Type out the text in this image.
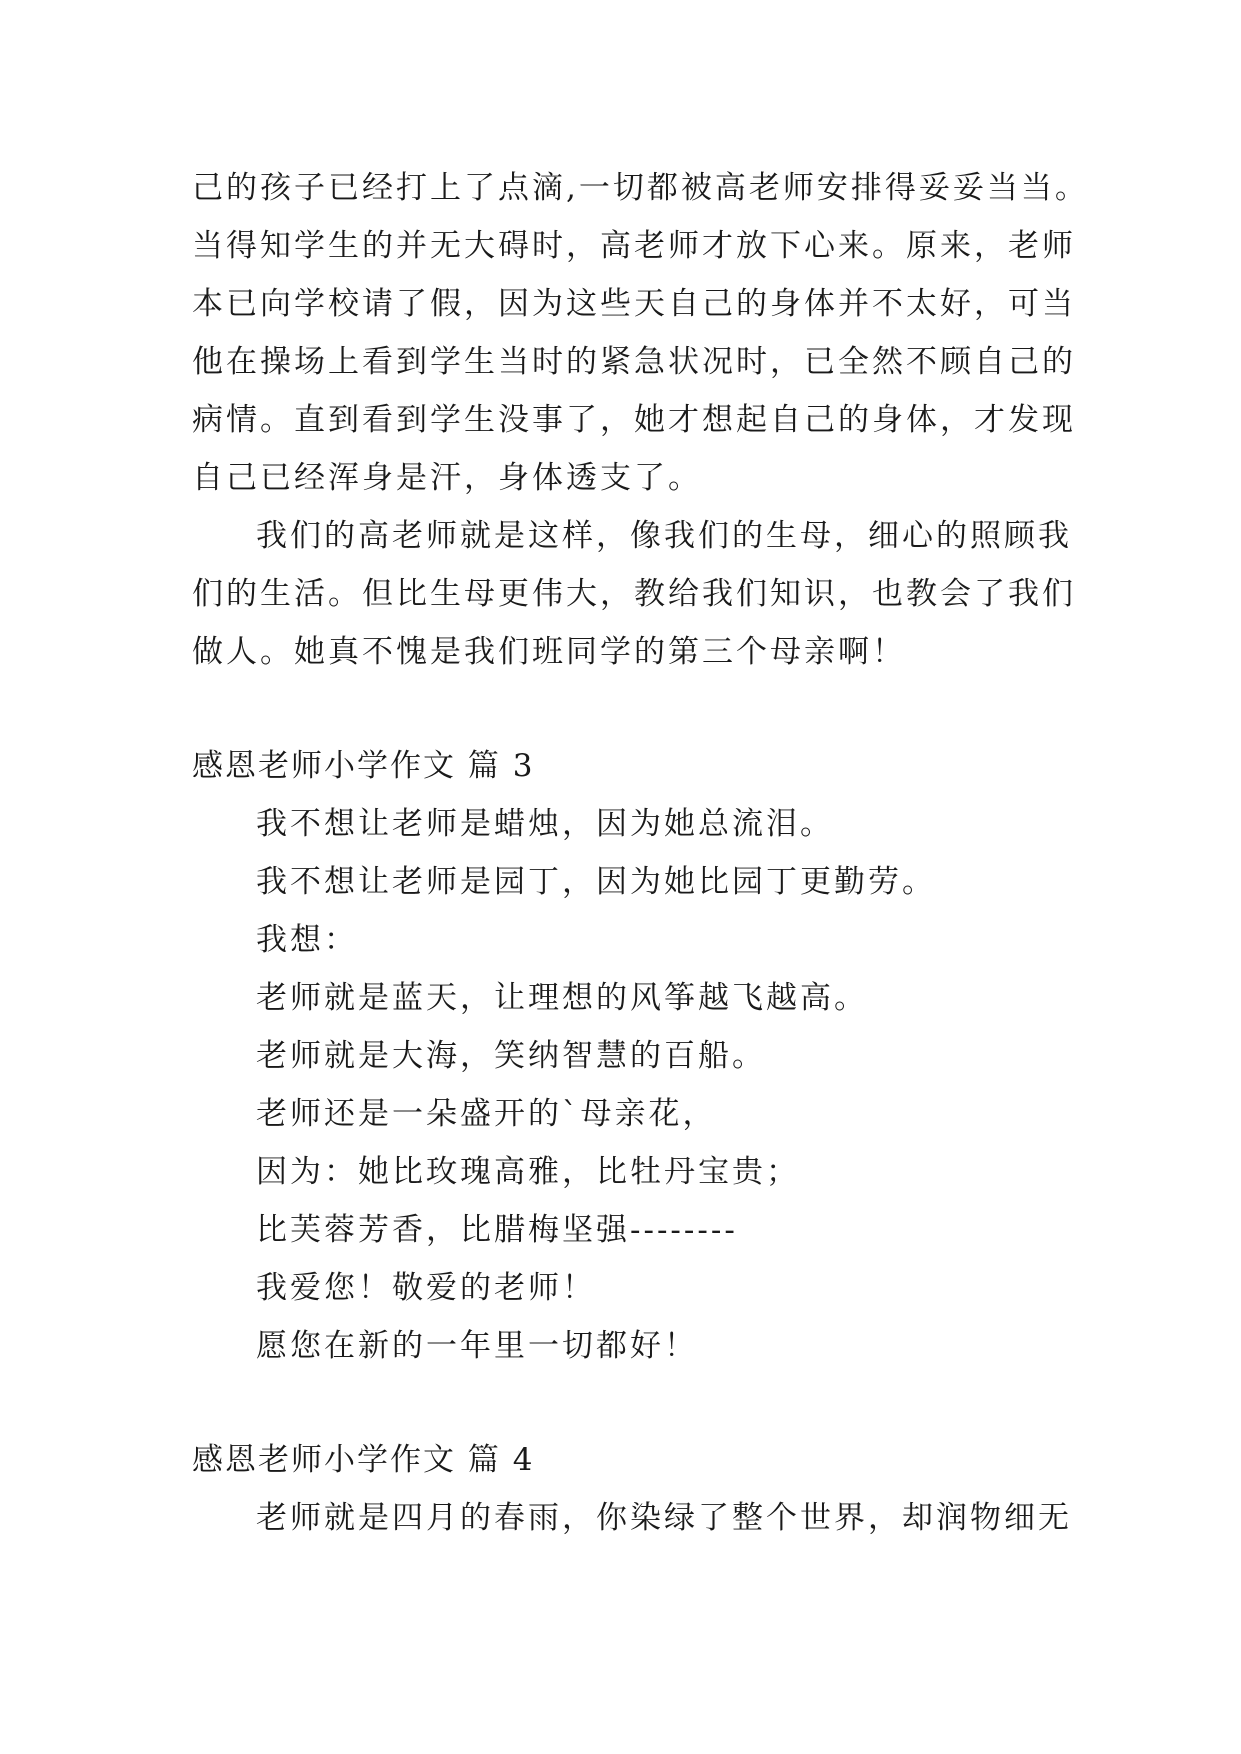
己的孩子已经打上了点滴,一切都被高老师安排得妥妥当当。
当得知学生的并无大碍时，高老师才放下心来。原来，老师
本已向学校请了假，因为这些天自己的身体并不太好，可当
他在操场上看到学生当时的紧急状况时，已全然不顾自己的
病情。直到看到学生没事了，她才想起自己的身体，才发现
自己已经浑身是汗，身体透支了。
我们的高老师就是这样，像我们的生母，细心的照顾我
们的生活。但比生母更伟大，教给我们知识，也教会了我们
做人。她真不愧是我们班同学的第三个母亲啊！
感恩老师小学作文 篇 3
我不想让老师是蜡烛，因为她总流泪。
我不想让老师是园丁，因为她比园丁更勤劳。
我想：
老师就是蓝天，让理想的风筝越飞越高。
老师就是大海，笑纳智慧的百船。
老师还是一朵盛开的`母亲花，
因为：她比玫瑰高雅，比牡丹宝贵；
比芙蓉芳香，比腊梅坚强--------
我爱您！敬爱的老师！
愿您在新的一年里一切都好！
感恩老师小学作文 篇 4
老师就是四月的春雨，你染绿了整个世界，却润物细无
